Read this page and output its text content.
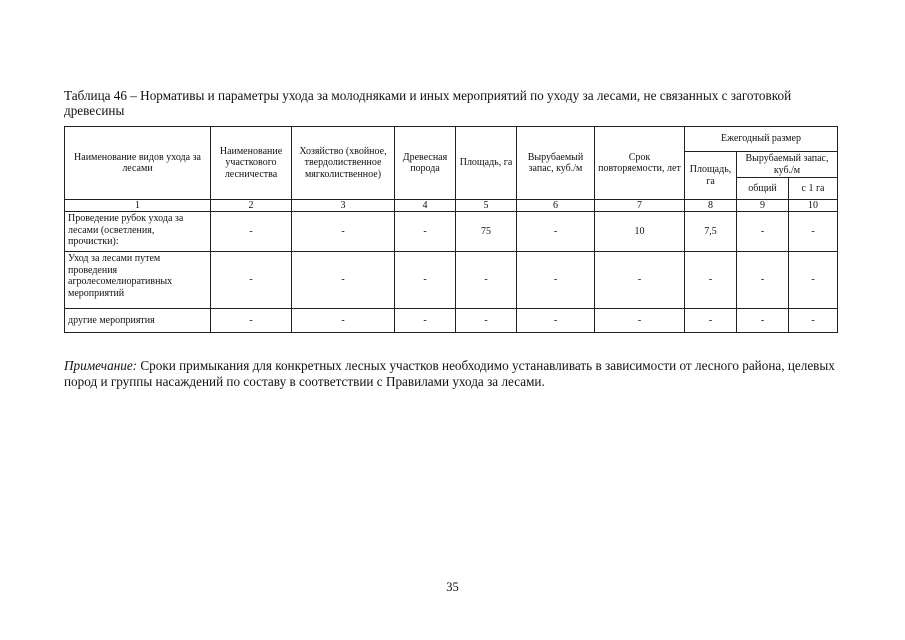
Таблица 46 – Нормативы и параметры ухода за молодняками и иных мероприятий по уходу за лесами, не связанных с заготовкой древесины
Наименование видов ухода за лесами	Наименование участкового лесничества	Хозяйство (хвойное, твердолиственное мягколиственное)	Древесная порода	Площадь, га	Вырубаемый запас, куб./м	Срок повторяемости, лет	Ежегодный размер		
							Площадь, га	Вырубаемый запас, куб./м	
								общий	с 1 га
1	2	3	4	5	6	7	8	9	10
Проведение рубок ухода за лесами (осветления, прочистки):	-	-	-	75	-	10	7,5	-	-
Уход за лесами путем проведения агролесомелиоративных мероприятий	-	-	-	-	-	-	-	-	-
другие мероприятия	-	-	-	-	-	-	-	-	-
Примечание: Сроки примыкания для конкретных лесных участков необходимо устанавливать в зависимости от лесного района, целевых пород и группы насаждений по составу в соответствии с Правилами ухода за лесами.
35
